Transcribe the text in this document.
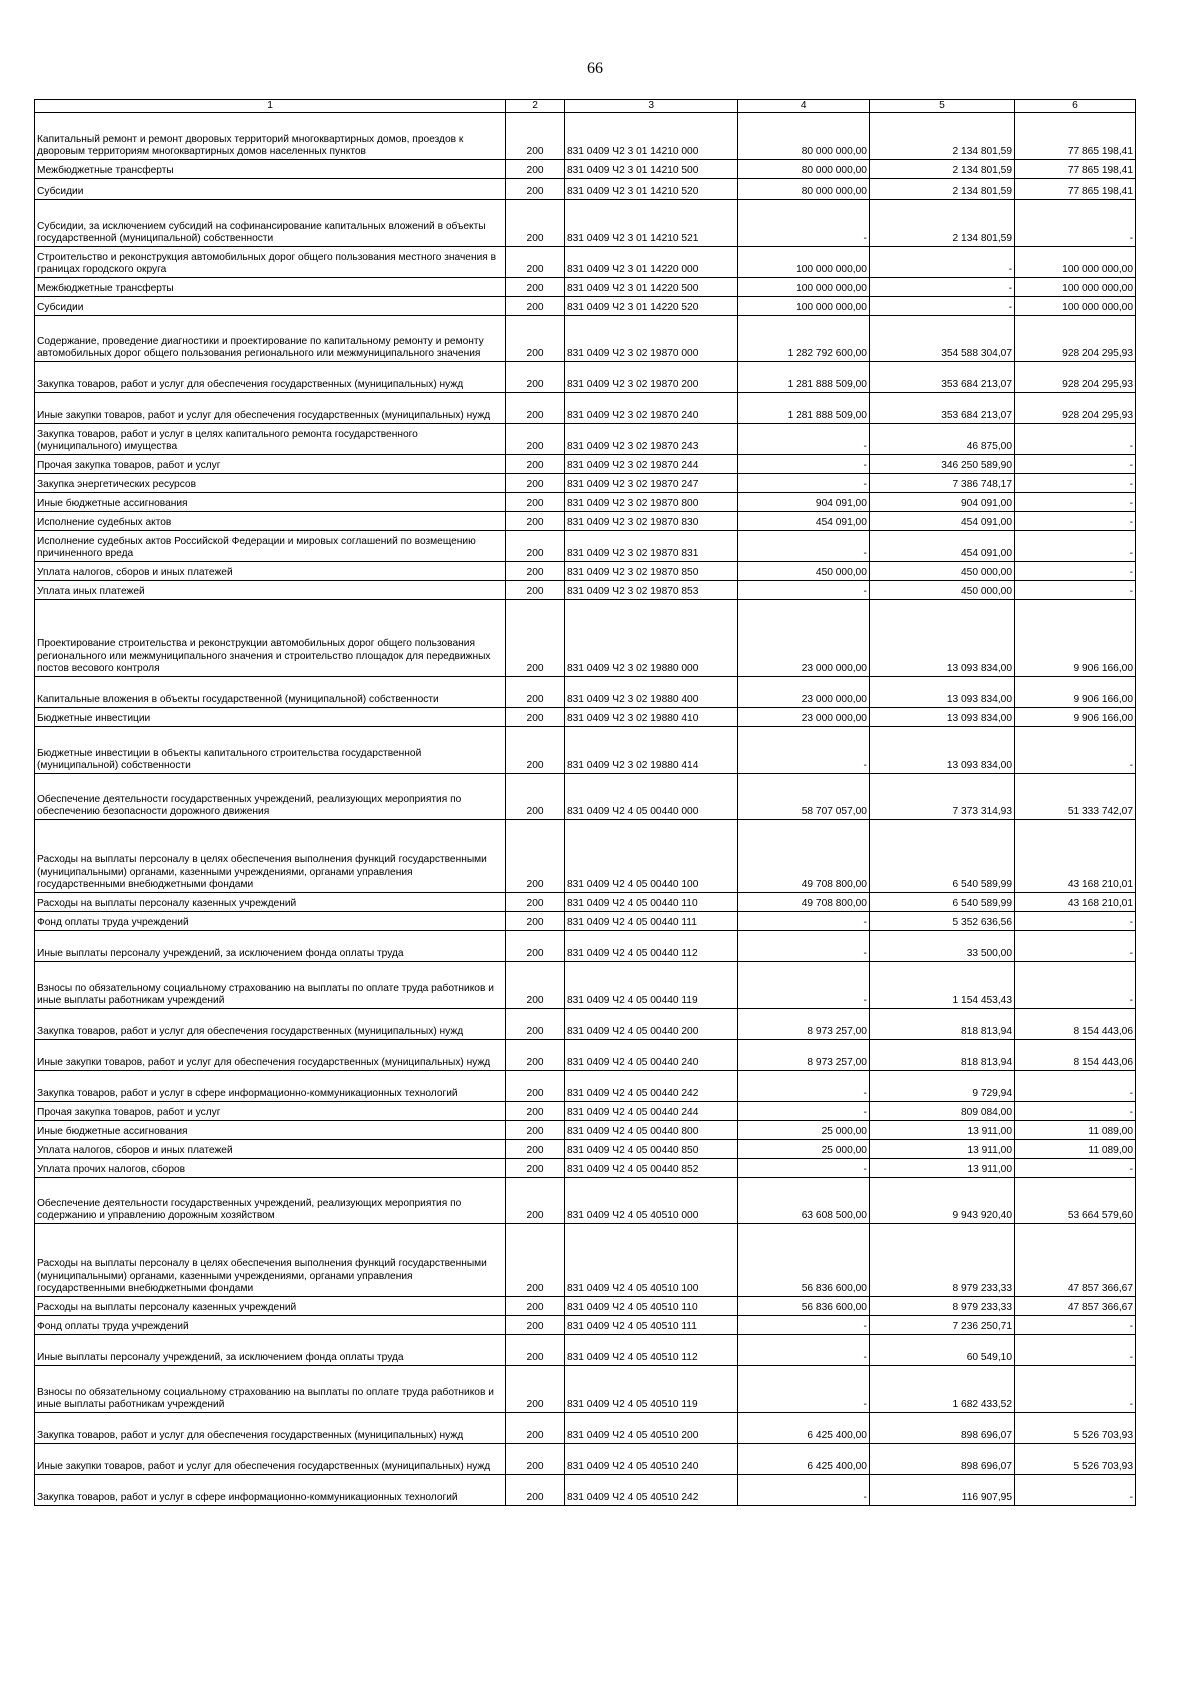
66
1	2	3	4	5	6
Капитальный ремонт и ремонт дворовых территорий многоквартирных домов, проездов к дворовым территориям многоквартирных домов населенных пунктов	200	831 0409 Ч2 3 01 14210 000	80 000 000,00	2 134 801,59	77 865 198,41
Межбюджетные трансферты	200	831 0409 Ч2 3 01 14210 500	80 000 000,00	2 134 801,59	77 865 198,41
Субсидии	200	831 0409 Ч2 3 01 14210 520	80 000 000,00	2 134 801,59	77 865 198,41
Субсидии, за исключением субсидий на софинансирование капитальных вложений в объекты государственной (муниципальной) собственности	200	831 0409 Ч2 3 01 14210 521	-	2 134 801,59	-
Строительство и реконструкция автомобильных дорог общего пользования местного значения в границах городского округа	200	831 0409 Ч2 3 01 14220 000	100 000 000,00	-	100 000 000,00
Межбюджетные трансферты	200	831 0409 Ч2 3 01 14220 500	100 000 000,00	-	100 000 000,00
Субсидии	200	831 0409 Ч2 3 01 14220 520	100 000 000,00	-	100 000 000,00
Содержание, проведение диагностики и проектирование по капитальному ремонту и ремонту автомобильных дорог общего пользования регионального или межмуниципального значения	200	831 0409 Ч2 3 02 19870 000	1 282 792 600,00	354 588 304,07	928 204 295,93
Закупка товаров, работ и услуг для обеспечения государственных (муниципальных) нужд	200	831 0409 Ч2 3 02 19870 200	1 281 888 509,00	353 684 213,07	928 204 295,93
Иные закупки товаров, работ и услуг для обеспечения государственных (муниципальных) нужд	200	831 0409 Ч2 3 02 19870 240	1 281 888 509,00	353 684 213,07	928 204 295,93
Закупка товаров, работ и услуг в целях капитального ремонта государственного (муниципального) имущества	200	831 0409 Ч2 3 02 19870 243	-	46 875,00	-
Прочая закупка товаров, работ и услуг	200	831 0409 Ч2 3 02 19870 244	-	346 250 589,90	-
Закупка энергетических ресурсов	200	831 0409 Ч2 3 02 19870 247	-	7 386 748,17	-
Иные бюджетные ассигнования	200	831 0409 Ч2 3 02 19870 800	904 091,00	904 091,00	-
Исполнение судебных актов	200	831 0409 Ч2 3 02 19870 830	454 091,00	454 091,00	-
Исполнение судебных актов Российской Федерации и мировых соглашений по возмещению причиненного вреда	200	831 0409 Ч2 3 02 19870 831	-	454 091,00	-
Уплата налогов, сборов и иных платежей	200	831 0409 Ч2 3 02 19870 850	450 000,00	450 000,00	-
Уплата иных платежей	200	831 0409 Ч2 3 02 19870 853	-	450 000,00	-
Проектирование строительства и реконструкции автомобильных дорог общего пользования регионального или межмуниципального значения и строительство площадок для передвижных постов весового контроля	200	831 0409 Ч2 3 02 19880 000	23 000 000,00	13 093 834,00	9 906 166,00
Капитальные вложения в объекты государственной (муниципальной) собственности	200	831 0409 Ч2 3 02 19880 400	23 000 000,00	13 093 834,00	9 906 166,00
Бюджетные инвестиции	200	831 0409 Ч2 3 02 19880 410	23 000 000,00	13 093 834,00	9 906 166,00
Бюджетные инвестиции в объекты капитального строительства государственной (муниципальной) собственности	200	831 0409 Ч2 3 02 19880 414	-	13 093 834,00	-
Обеспечение деятельности государственных учреждений, реализующих мероприятия по обеспечению безопасности дорожного движения	200	831 0409 Ч2 4 05 00440 000	58 707 057,00	7 373 314,93	51 333 742,07
Расходы на выплаты персоналу в целях обеспечения выполнения функций государственными (муниципальными) органами, казенными учреждениями, органами управления государственными внебюджетными фондами	200	831 0409 Ч2 4 05 00440 100	49 708 800,00	6 540 589,99	43 168 210,01
Расходы на выплаты персоналу казенных учреждений	200	831 0409 Ч2 4 05 00440 110	49 708 800,00	6 540 589,99	43 168 210,01
Фонд оплаты труда учреждений	200	831 0409 Ч2 4 05 00440 111	-	5 352 636,56	-
Иные выплаты персоналу учреждений, за исключением фонда оплаты труда	200	831 0409 Ч2 4 05 00440 112	-	33 500,00	-
Взносы по обязательному социальному страхованию на выплаты по оплате труда работников и иные выплаты работникам учреждений	200	831 0409 Ч2 4 05 00440 119	-	1 154 453,43	-
Закупка товаров, работ и услуг для обеспечения государственных (муниципальных) нужд	200	831 0409 Ч2 4 05 00440 200	8 973 257,00	818 813,94	8 154 443,06
Иные закупки товаров, работ и услуг для обеспечения государственных (муниципальных) нужд	200	831 0409 Ч2 4 05 00440 240	8 973 257,00	818 813,94	8 154 443,06
Закупка товаров, работ и услуг в сфере информационно-коммуникационных технологий	200	831 0409 Ч2 4 05 00440 242	-	9 729,94	-
Прочая закупка товаров, работ и услуг	200	831 0409 Ч2 4 05 00440 244	-	809 084,00	-
Иные бюджетные ассигнования	200	831 0409 Ч2 4 05 00440 800	25 000,00	13 911,00	11 089,00
Уплата налогов, сборов и иных платежей	200	831 0409 Ч2 4 05 00440 850	25 000,00	13 911,00	11 089,00
Уплата прочих налогов, сборов	200	831 0409 Ч2 4 05 00440 852	-	13 911,00	-
Обеспечение деятельности государственных учреждений, реализующих мероприятия по содержанию и управлению дорожным хозяйством	200	831 0409 Ч2 4 05 40510 000	63 608 500,00	9 943 920,40	53 664 579,60
Расходы на выплаты персоналу в целях обеспечения выполнения функций государственными (муниципальными) органами, казенными учреждениями, органами управления государственными внебюджетными фондами	200	831 0409 Ч2 4 05 40510 100	56 836 600,00	8 979 233,33	47 857 366,67
Расходы на выплаты персоналу казенных учреждений	200	831 0409 Ч2 4 05 40510 110	56 836 600,00	8 979 233,33	47 857 366,67
Фонд оплаты труда учреждений	200	831 0409 Ч2 4 05 40510 111	-	7 236 250,71	-
Иные выплаты персоналу учреждений, за исключением фонда оплаты труда	200	831 0409 Ч2 4 05 40510 112	-	60 549,10	-
Взносы по обязательному социальному страхованию на выплаты по оплате труда работников и иные выплаты работникам учреждений	200	831 0409 Ч2 4 05 40510 119	-	1 682 433,52	-
Закупка товаров, работ и услуг для обеспечения государственных (муниципальных) нужд	200	831 0409 Ч2 4 05 40510 200	6 425 400,00	898 696,07	5 526 703,93
Иные закупки товаров, работ и услуг для обеспечения государственных (муниципальных) нужд	200	831 0409 Ч2 4 05 40510 240	6 425 400,00	898 696,07	5 526 703,93
Закупка товаров, работ и услуг в сфере информационно-коммуникационных технологий	200	831 0409 Ч2 4 05 40510 242	-	116 907,95	-
